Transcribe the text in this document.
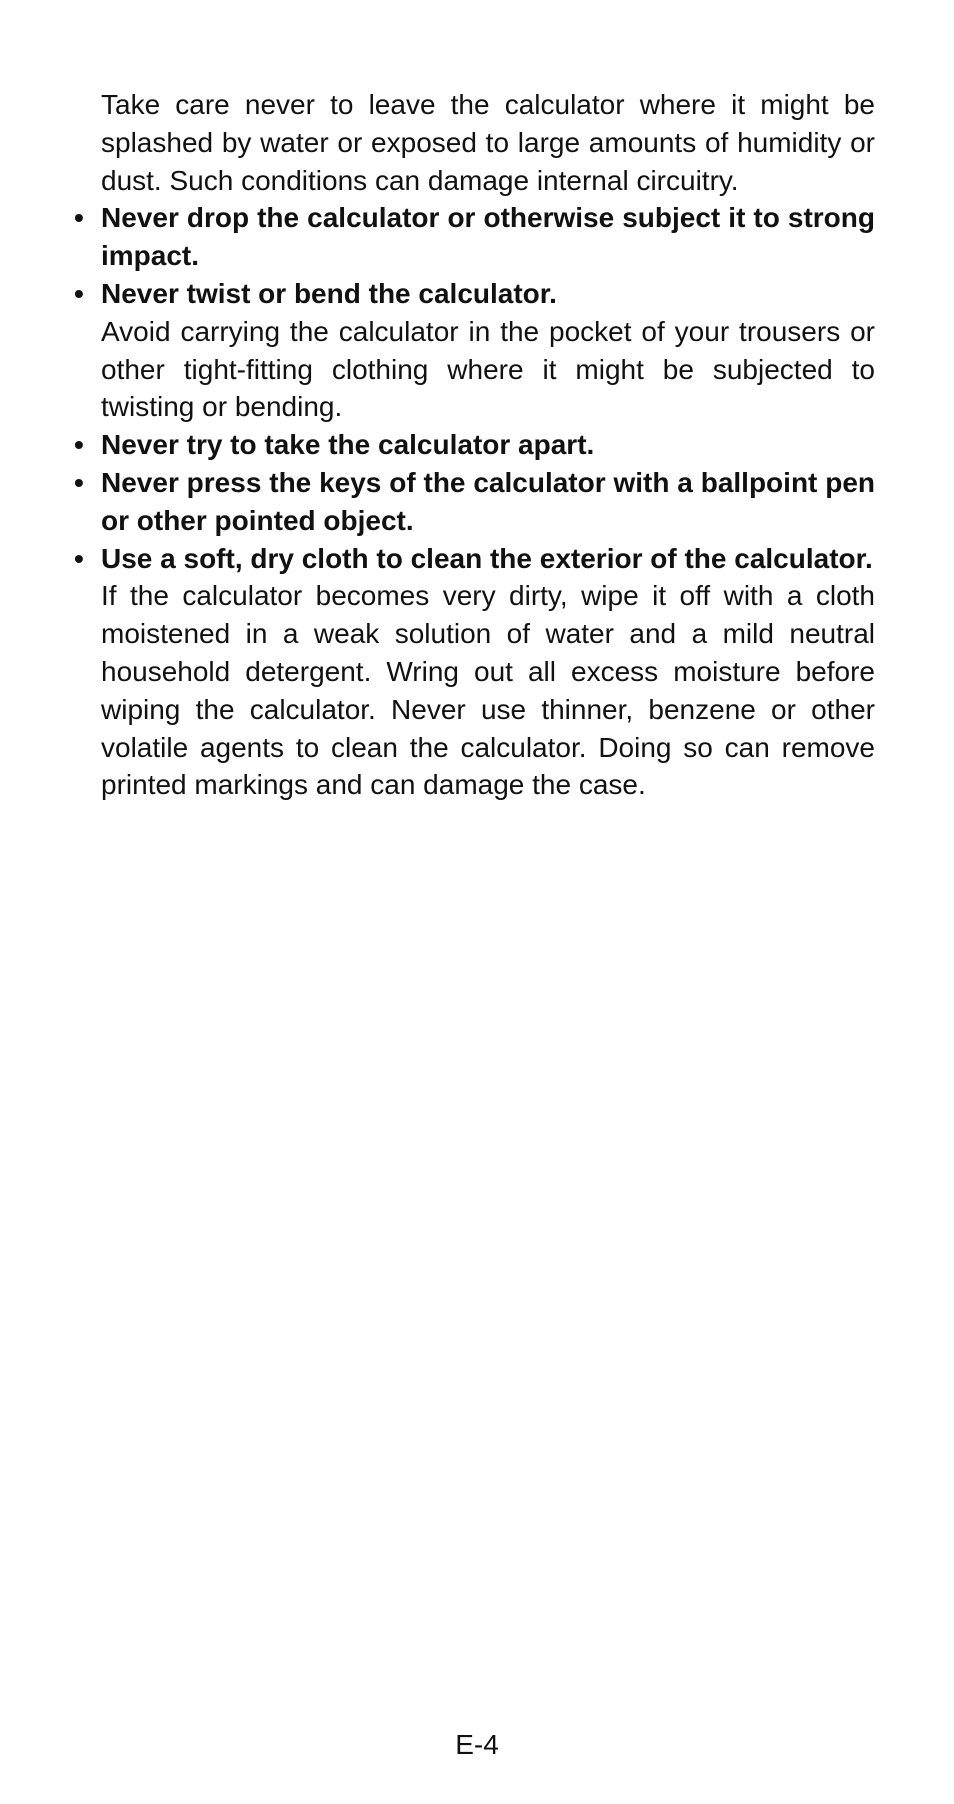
Take care never to leave the calculator where it might be splashed by water or exposed to large amounts of humidity or dust. Such conditions can damage internal circuitry.

• Never drop the calculator or otherwise subject it to strong impact.
• Never twist or bend the calculator.

Avoid carrying the calculator in the pocket of your trousers or other tight-fitting clothing where it might be subjected to twisting or bending.

• Never try to take the calculator apart.
• Never press the keys of the calculator with a ballpoint pen or other pointed object.
• Use a soft, dry cloth to clean the exterior of the calculator.

If the calculator becomes very dirty, wipe it off with a cloth moistened in a weak solution of water and a mild neutral household detergent. Wring out all excess moisture before wiping the calculator. Never use thinner, benzene or other volatile agents to clean the calculator. Doing so can remove printed markings and can damage the case.

E-4
